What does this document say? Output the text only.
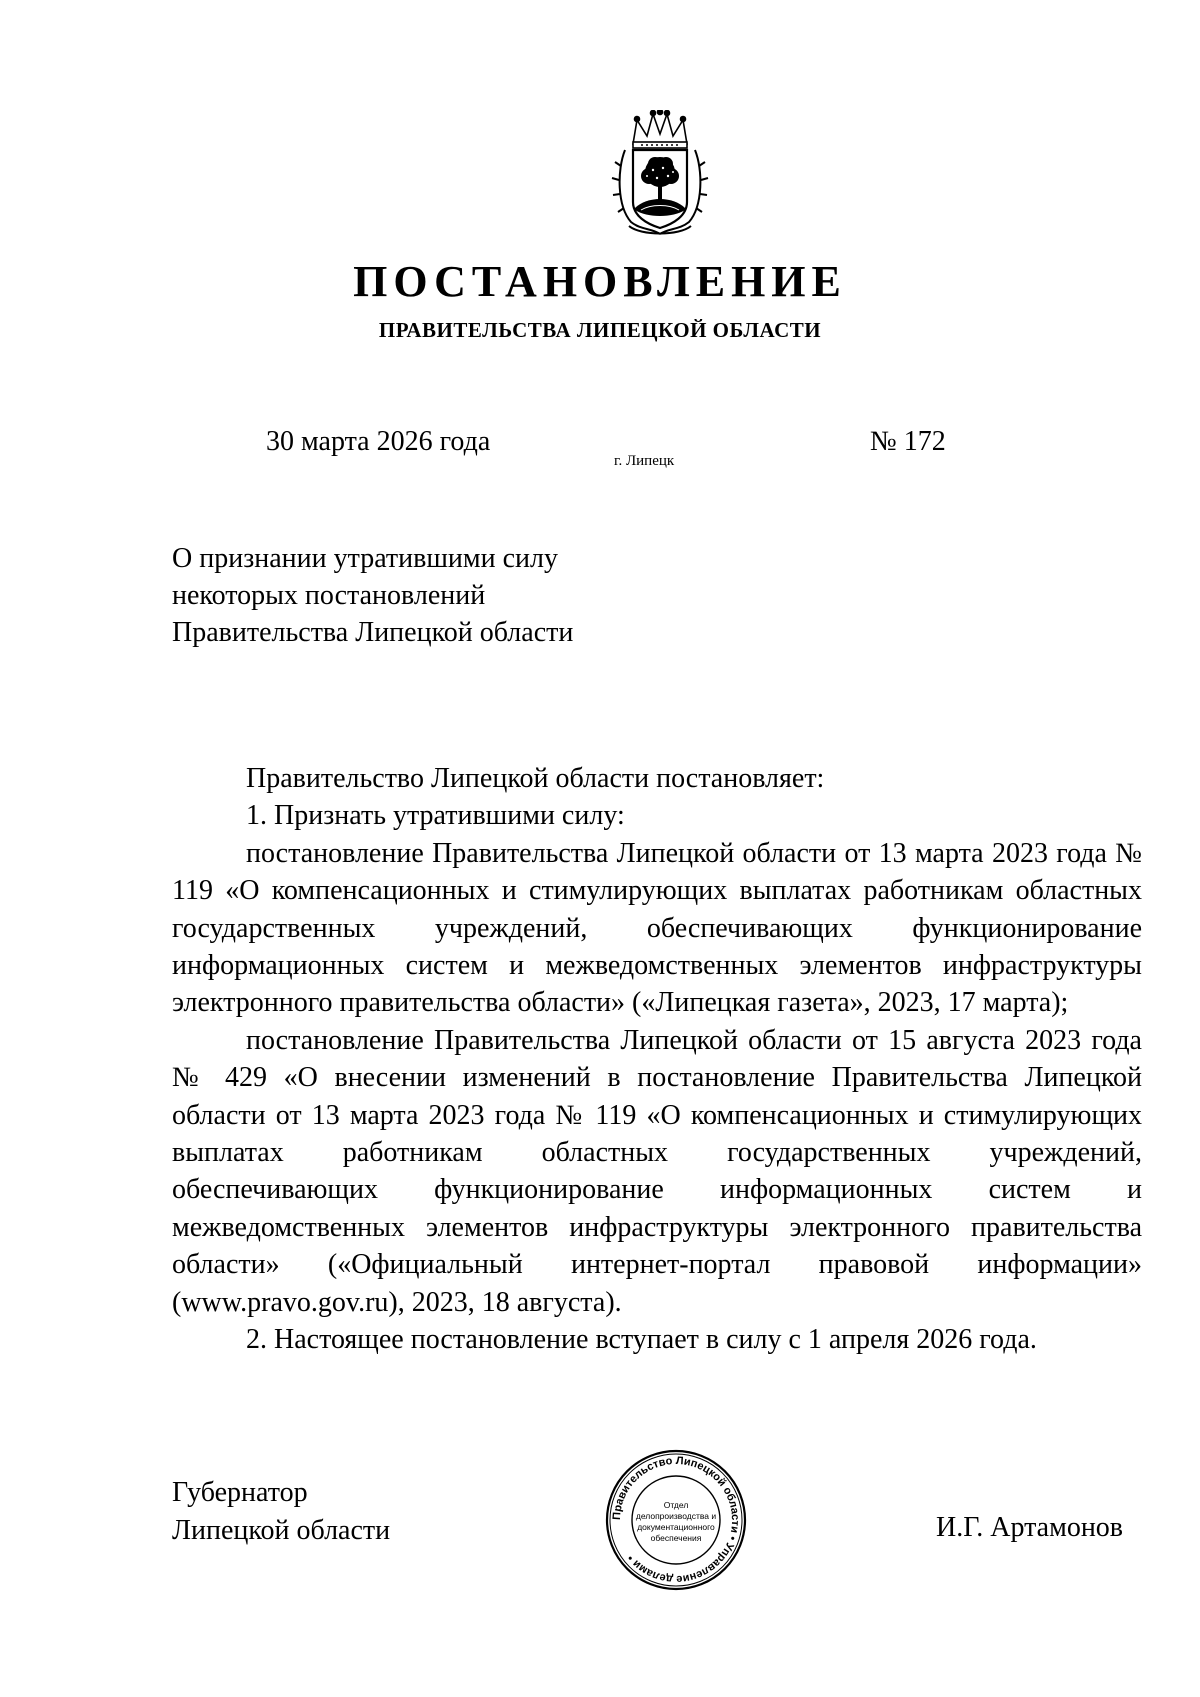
ПОСТАНОВЛЕНИЕ
ПРАВИТЕЛЬСТВА ЛИПЕЦКОЙ ОБЛАСТИ
30 марта 2026 года
г. Липецк
№ 172
О признании утратившими силу
некоторых постановлений
Правительства Липецкой области

Правительство Липецкой области постановляет:

1. Признать утратившими силу:

постановление Правительства Липецкой области от 13 марта 2023 года № 119 «О компенсационных и стимулирующих выплатах работникам областных государственных учреждений, обеспечивающих функционирование информационных систем и межведомственных элементов инфраструктуры электронного правительства области» («Липецкая газета», 2023, 17 марта);

постановление Правительства Липецкой области от 15 августа 2023 года № 429 «О внесении изменений в постановление Правительства Липецкой области от 13 марта 2023 года № 119 «О компенсационных и стимулирующих выплатах работникам областных государственных учреждений, обеспечивающих функционирование информационных систем и межведомственных элементов инфраструктуры электронного правительства области» («Официальный интернет-портал правовой информации» (www.pravo.gov.ru), 2023, 18 августа).

2. Настоящее постановление вступает в силу с 1 апреля 2026 года.

Губернатор
Липецкой области	Правительство Липецкой области • Управление делами •
Отдел
делопроизводства и
документационного
обеспечения	И.Г. Артамонов
